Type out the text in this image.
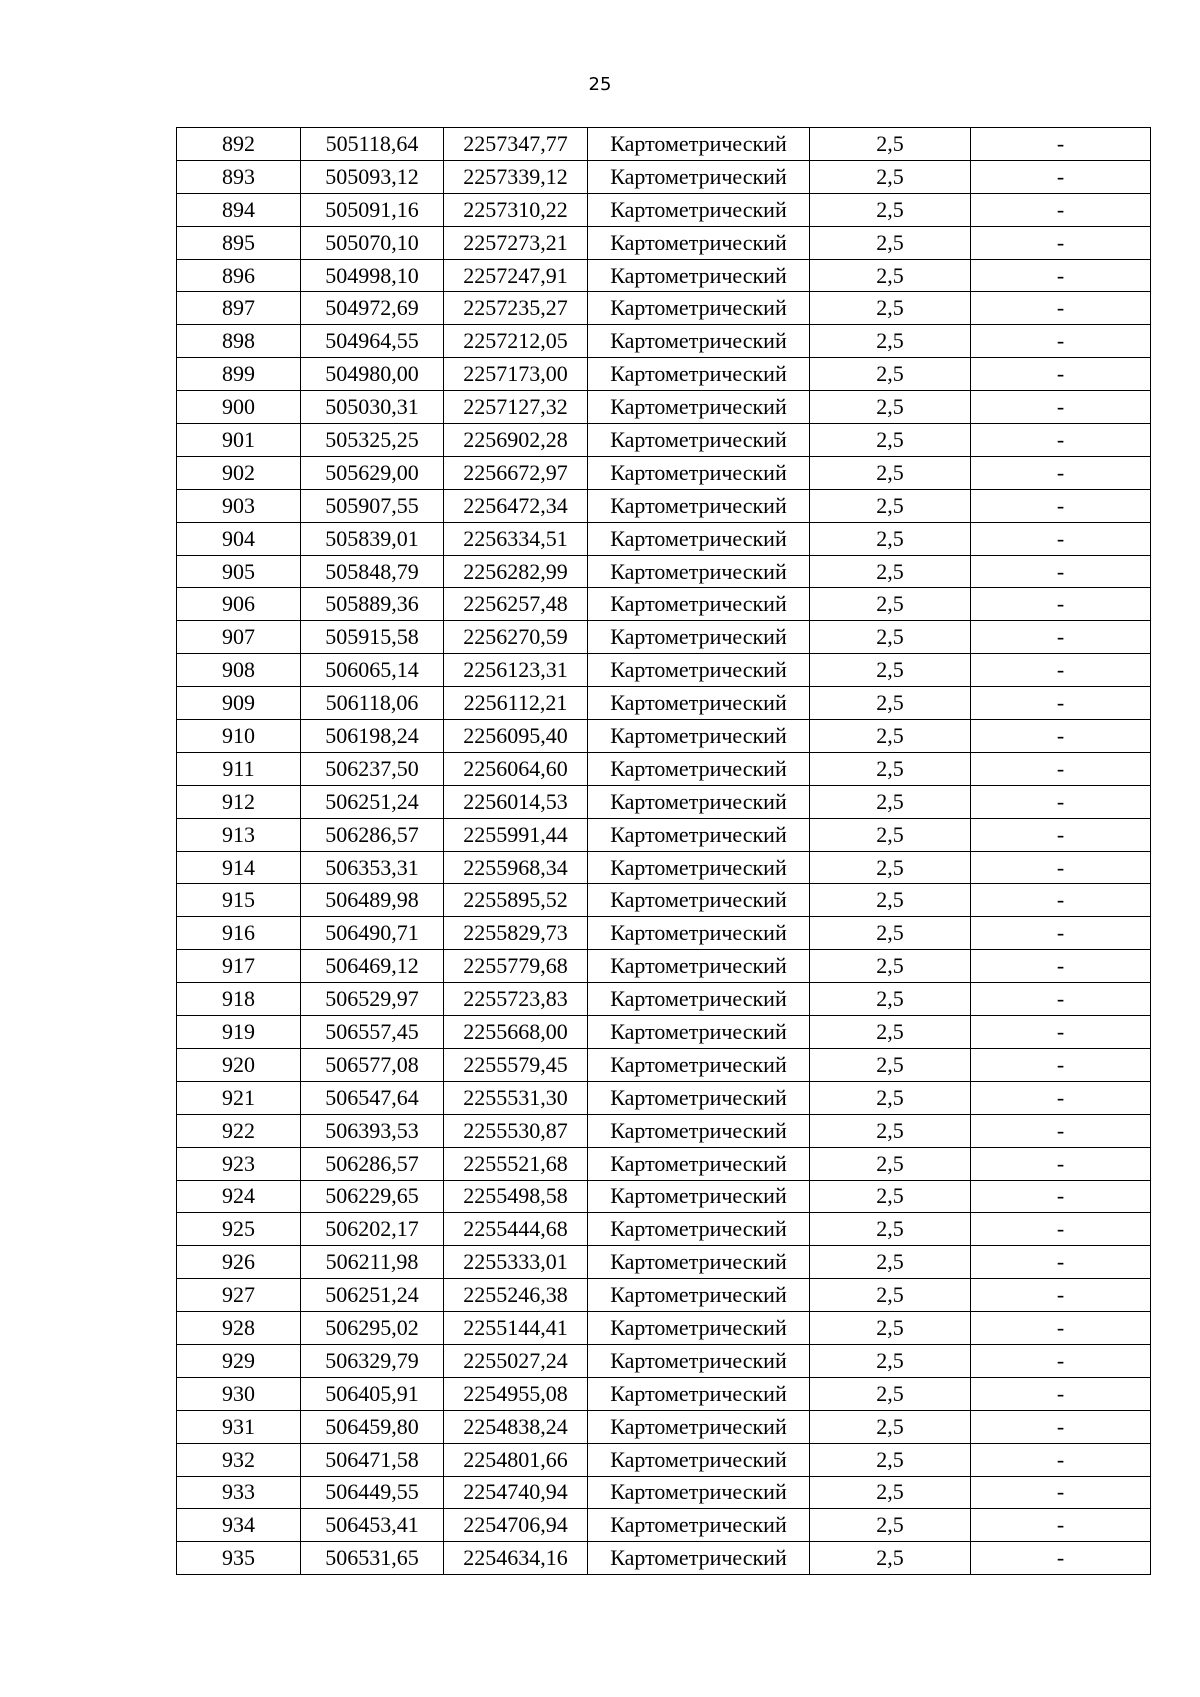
25
892	505118,64	2257347,77	Картометрический	2,5	-
893	505093,12	2257339,12	Картометрический	2,5	-
894	505091,16	2257310,22	Картометрический	2,5	-
895	505070,10	2257273,21	Картометрический	2,5	-
896	504998,10	2257247,91	Картометрический	2,5	-
897	504972,69	2257235,27	Картометрический	2,5	-
898	504964,55	2257212,05	Картометрический	2,5	-
899	504980,00	2257173,00	Картометрический	2,5	-
900	505030,31	2257127,32	Картометрический	2,5	-
901	505325,25	2256902,28	Картометрический	2,5	-
902	505629,00	2256672,97	Картометрический	2,5	-
903	505907,55	2256472,34	Картометрический	2,5	-
904	505839,01	2256334,51	Картометрический	2,5	-
905	505848,79	2256282,99	Картометрический	2,5	-
906	505889,36	2256257,48	Картометрический	2,5	-
907	505915,58	2256270,59	Картометрический	2,5	-
908	506065,14	2256123,31	Картометрический	2,5	-
909	506118,06	2256112,21	Картометрический	2,5	-
910	506198,24	2256095,40	Картометрический	2,5	-
911	506237,50	2256064,60	Картометрический	2,5	-
912	506251,24	2256014,53	Картометрический	2,5	-
913	506286,57	2255991,44	Картометрический	2,5	-
914	506353,31	2255968,34	Картометрический	2,5	-
915	506489,98	2255895,52	Картометрический	2,5	-
916	506490,71	2255829,73	Картометрический	2,5	-
917	506469,12	2255779,68	Картометрический	2,5	-
918	506529,97	2255723,83	Картометрический	2,5	-
919	506557,45	2255668,00	Картометрический	2,5	-
920	506577,08	2255579,45	Картометрический	2,5	-
921	506547,64	2255531,30	Картометрический	2,5	-
922	506393,53	2255530,87	Картометрический	2,5	-
923	506286,57	2255521,68	Картометрический	2,5	-
924	506229,65	2255498,58	Картометрический	2,5	-
925	506202,17	2255444,68	Картометрический	2,5	-
926	506211,98	2255333,01	Картометрический	2,5	-
927	506251,24	2255246,38	Картометрический	2,5	-
928	506295,02	2255144,41	Картометрический	2,5	-
929	506329,79	2255027,24	Картометрический	2,5	-
930	506405,91	2254955,08	Картометрический	2,5	-
931	506459,80	2254838,24	Картометрический	2,5	-
932	506471,58	2254801,66	Картометрический	2,5	-
933	506449,55	2254740,94	Картометрический	2,5	-
934	506453,41	2254706,94	Картометрический	2,5	-
935	506531,65	2254634,16	Картометрический	2,5	-
